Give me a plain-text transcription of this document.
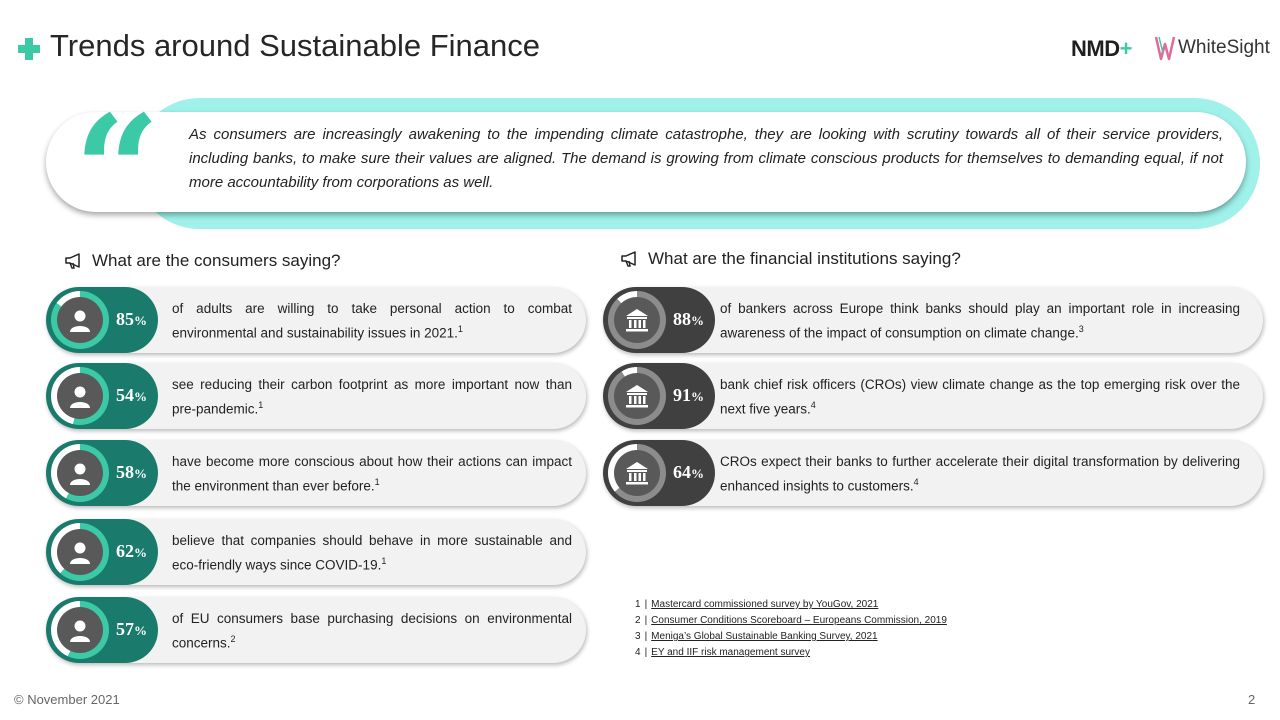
Trends around Sustainable Finance	NMD+ WhiteSight
“ As consumers are increasingly awakening to the impending climate catastrophe, they are looking with scrutiny towards all of their service providers, including banks, to make sure their values are aligned. The demand is growing from climate conscious products for themselves to demanding equal, if not more accountability from corporations as well.
What are the consumers saying?	What are the financial institutions saying?
85%
of adults are willing to take personal action to combat environmental and sustainability issues in 2021.$^1$
54%
see reducing their carbon footprint as more important now than pre-pandemic.$^1$
58%
have become more conscious about how their actions can impact the environment than ever before.$^1$
62%
believe that companies should behave in more sustainable and eco-friendly ways since COVID-19.$^1$
57%
of EU consumers base purchasing decisions on environmental concerns.$^2$
88%
of bankers across Europe think banks should play an important role in increasing awareness of the impact of consumption on climate change.$^3$
91%
bank chief risk officers (CROs) view climate change as the top emerging risk over the next five years.$^4$
64%
CROs expect their banks to further accelerate their digital transformation by delivering enhanced insights to customers.$^4$
1 | Mastercard commissioned survey by YouGov, 2021
2 | Consumer Conditions Scoreboard – Europeans Commission, 2019
3 | Meniga’s Global Sustainable Banking Survey, 2021
4 | EY and IIF risk management survey
© November 2021	2
